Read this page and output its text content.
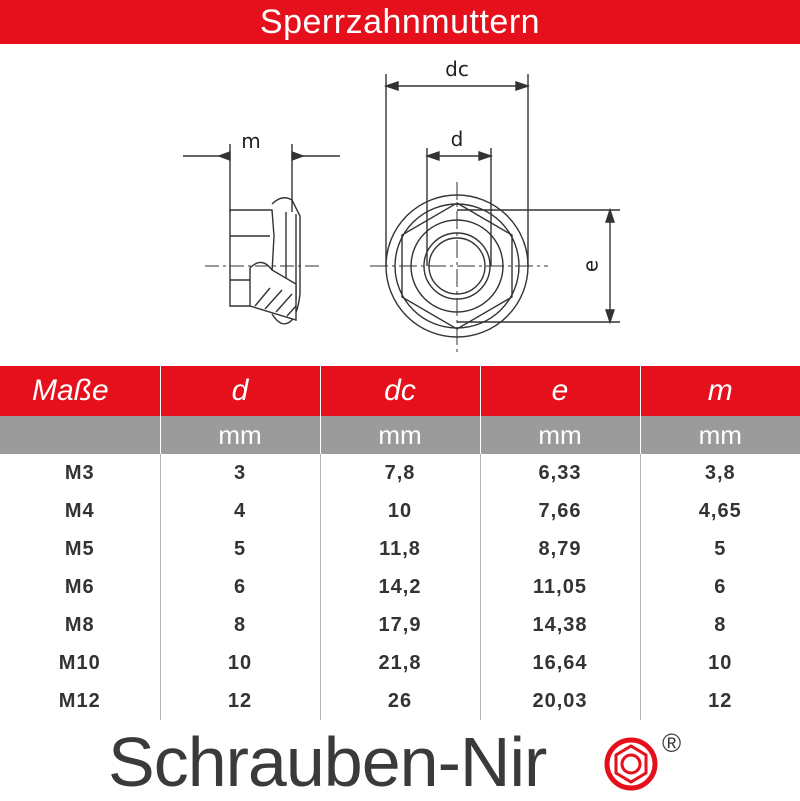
Sperrzahnmuttern
m
dc
d
e
Maße	d	dc	e	m
	mm	mm	mm	mm
M3	3	7,8	6,33	3,8
M4	4	10	7,66	4,65
M5	5	11,8	8,79	5
M6	6	14,2	11,05	6
M8	8	17,9	14,38	8
M10	10	21,8	16,64	10
M12	12	26	20,03	12
Schrauben-Nir	®
